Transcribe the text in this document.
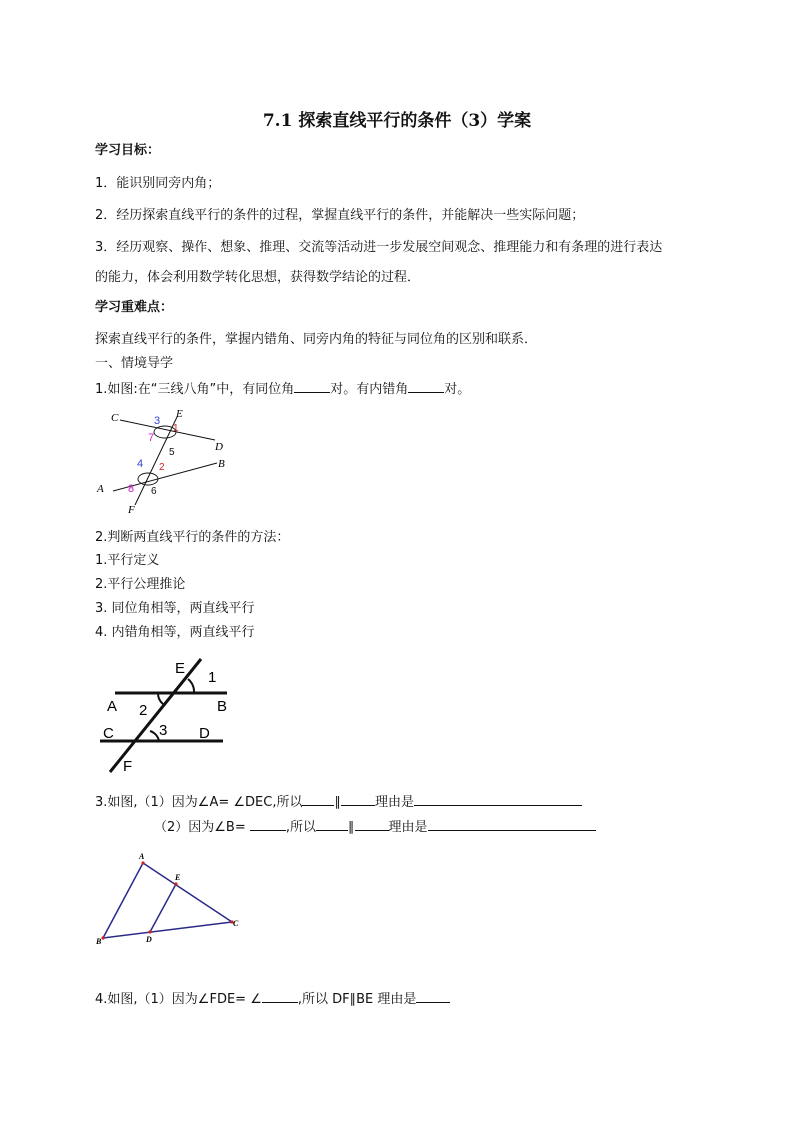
7.1 探索直线平行的条件（3）学案
学习目标：
1．能识别同旁内角；
2．经历探索直线平行的条件的过程，掌握直线平行的条件，并能解决一些实际问题；
3．经历观察、操作、想象、推理、交流等活动进一步发展空间观念、推理能力和有条理的进行表达
的能力，体会利用数学转化思想，获得数学结论的过程．
学习重难点：
探索直线平行的条件，掌握内错角、同旁内角的特征与同位角的区别和联系．
一、情境导学
1.如图:在“三线八角”中，有同位角	对。有内错角	对。
C	E
D
B
A
F
3
1
7
5
4 2
8 6
2.判断两直线平行的条件的方法：
1.平行定义
2.平行公理推论
3. 同位角相等，两直线平行
4. 内错角相等，两直线平行
E
1
A 2	B
C	3 D
F
3.如图,（1）因为∠A= ∠DEC,所以 ∥	理由是
（2）因为∠B=	,所以 ∥	理由是
A
E
C
B	D
4.如图,（1）因为∠FDE= ∠	,所以 DF∥BE 理由是
